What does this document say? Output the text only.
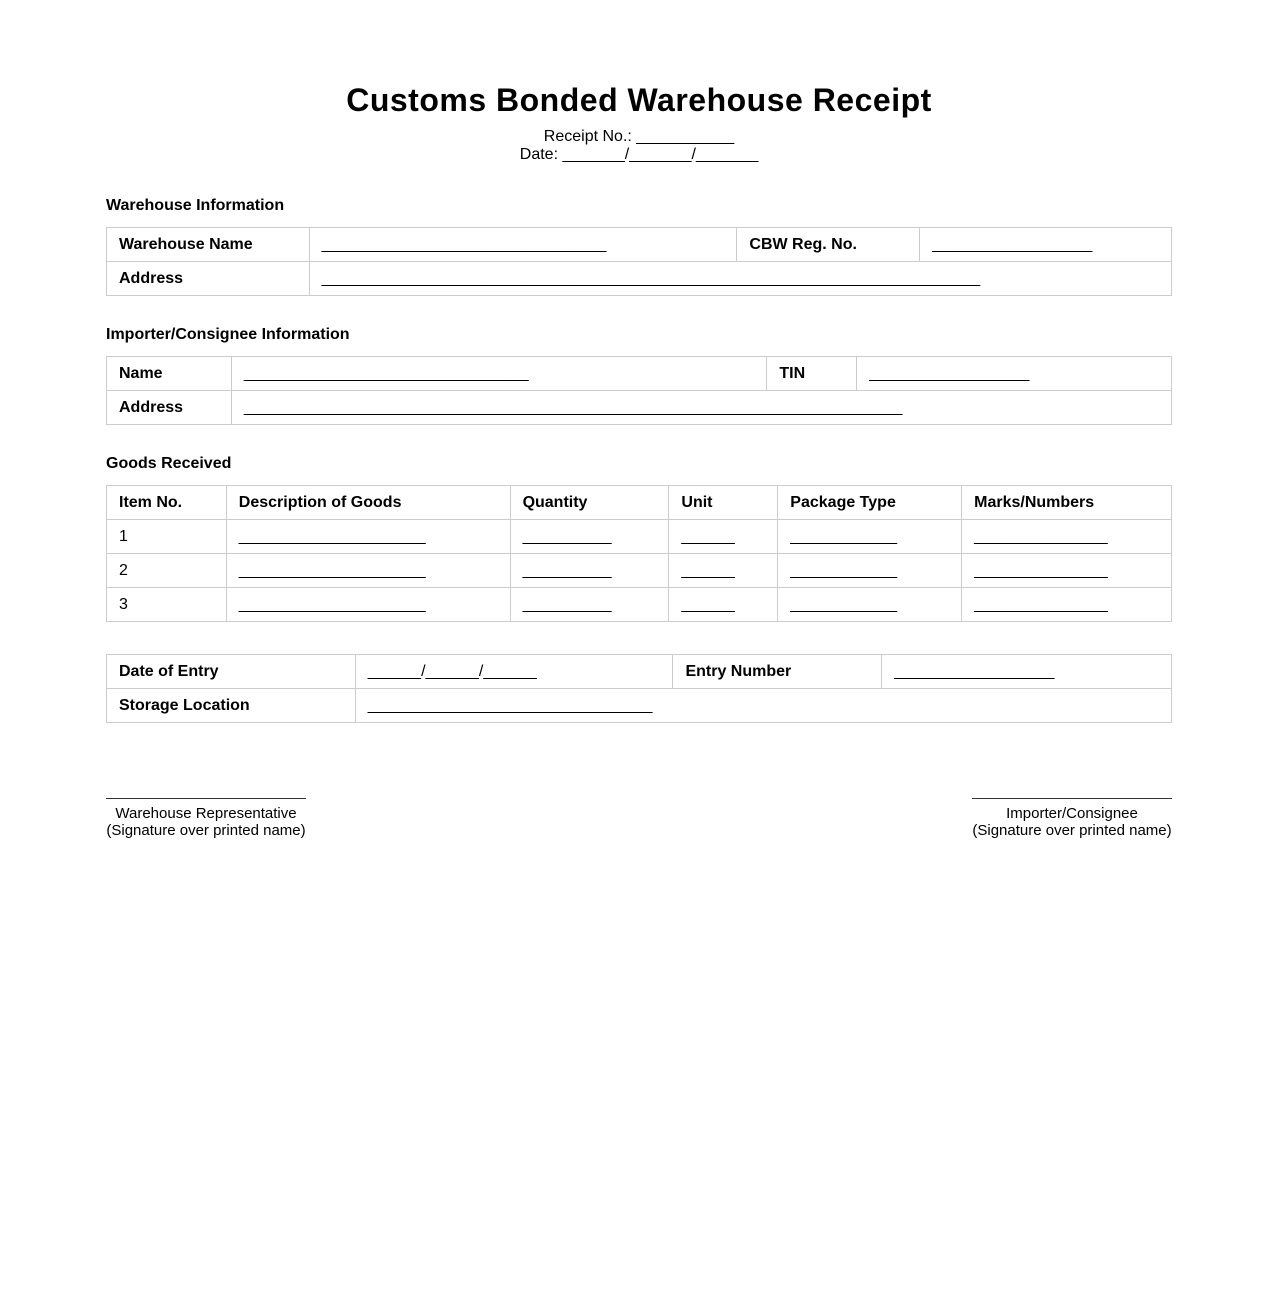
Customs Bonded Warehouse Receipt
Receipt No.: ___________
Date: _______/_______/_______
Warehouse Information
Warehouse Name	________________________________	CBW Reg. No.	__________________
Address	__________________________________________________________________________		
Importer/Consignee Information
Name	________________________________	TIN	__________________
Address	__________________________________________________________________________		
Goods Received
Item No.	Description of Goods	Quantity	Unit	Package Type	Marks/Numbers
1	_____________________	__________	______	____________	_______________
2	_____________________	__________	______	____________	_______________
3	_____________________	__________	______	____________	_______________
Date of Entry	______/______/______	Entry Number	__________________
Storage Location	________________________________		
Warehouse Representative
(Signature over printed name)
Importer/Consignee
(Signature over printed name)
